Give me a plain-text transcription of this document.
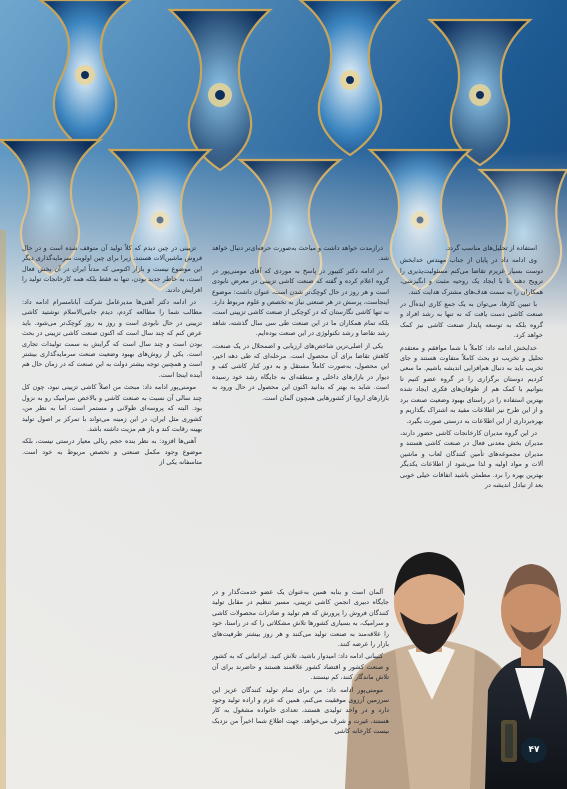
استفاده از تحلیل‌های مناسب گردد.

وی ادامه داد در پایان از جناب مهندس خدابخش دوست بسیار عزیزم تقاضا می‌کنم مسئولیت‌پذیری را ترویج دهند تا با ایجاد یک روحیه مثبت و انگیزشی، همکاران را به سمت هدف‌های مشترک هدایت کنند.

با تبیین کارها، می‌توان به یک جمع کاری ایده‌آل در صنعت کاشی دست یافت که نه تنها به رشد افراد و گروه بلکه به توسعه پایدار صنعت کاشی نیز کمک خواهد کرد.

خدابخش ادامه داد: کاملاً با شما موافقم و معتقدم تحلیل و تخریب دو بحث کاملاً متفاوت هستند و جای تخریب باید به دنبال هم‌افزایی اندیشه باشیم. ما سعی کردیم دوستان برگزاری را در گروه عضو کنیم تا بتوانیم با کمک هم از طوفان‌های فکری ایجاد شده بهترین استفاده را در راستای بهبود وضعیت صنعت برد و از این طرح نیز اطلاعات مفید به اشتراک بگذاریم و بهره‌برداری از این اطلاعات به درستی صورت بگیرد.

در این گروه مدیران کارخانجات کاشی حضور دارند، مدیران بخش معدنی فعال در صنعت کاشی هستند و مدیران مجموعه‌های تأمین کنندگان لعاب و ماشین آلات و مواد اولیه و لذا می‌شود از اطلاعات یکدیگر بهترین بهره را برد. مطمئن باشید اتفاقات خیلی خوبی بعد از تبادل اندیشه در

درازمدت خواهد داشت و مباحث به‌صورت حرفه‌ای‌تر دنبال خواهد شد.

در ادامه دکتر کثیبور در پاسخ به موردی که آقای مومنی‌پور در گروه اعلام کرده و گفته که صنعت کاشی تزیینی در معرض نابودی است و هر روز در حال کوچک‌تر شدن است، عنوان داشت: موضوع اینجاست، پرسش در هر صنعتی نیاز به تخصص و علوم مربوط دارد. نه تنها کاشی نگارستان که در کوچکی از صنعت کاشی تزیینی است، بلکه تمام همکاران ما در این صنعت طی سی سال گذشته، شاهد رشد تقاضا و رشد تکنولوژی در این صنعت بوده‌ایم.

یکی از اصلی‌ترین شاخص‌های ارزیابی و اضمحلال در یک صنعت، کاهش تقاضا برای آن محصول است. مرحله‌ای که طی دهه اخیر، این محصول، به‌صورت کاملاً مستقل و به دور کنار کاشی کف و دیوار در بازارهای داخلی و منطقه‌ای به جایگاه رشد خود رسیده است. شاید به بهتر که بدانید اکنون این محصول در حال ورود به بازارهای اروپا از کشورهایی همچون آلمان است.

آلمان است و بنابه همین به‌عنوان یک عضو خدمت‌گذار و در جایگاه دبیری انجمن کاشی تزیینی، مسیر تنظیم در مقابل تولید کنندگان فروش را پرورش که هم تولید و صادرات محصولات کاشی و سرامیک، به بسیاری کشورها تلاش مشکلاتی را که در راستا، خود را علاقه‌مند به صنعت تولید می‌کنند و هر روز بیشتر ظرفیت‌های بازار را عرضه کنند.

کثیبانی ادامه داد: امیدوار باشید، تلاش کنید. ایرانیانی که به کشور و صنعت کشور و اقتصاد کشور علاقمند هستند و حاضرند برای آن تلاش ماندگار کنند، کم نیستند.

مومنی‌پور ادامه داد: من برای تمام تولید کنندگان عزیز این سرزمین آرزوی موفقیت می‌کنم. همین که عزم و اراده تولید وجود دارد و در واحد تولیدی هستند، تعدادی خانواده مشغول به کار هستند، غیرت و شرف می‌خواهد. جهت اطلاع شما اخیراً من نزدیک بیست کارخانه کاشی

تزیینی در چین دیدم که کلاً تولید آن متوقف شده است و در حال فروش ماشین‌آلات هستند، زیرا برای چین اولویت سرمایه‌گذاری دیگر این موضوع نیست و بازار اکنومی که مدتاً ایران در آن بخش فعال است، به خاطر جدید بودن، تنها نه ‌فقط بلکه همه کارخانجات تولید را افزایش دادند.

در ادامه دکتر آهنی‌ها مدیرعامل شرکت آبانامسرام ادامه داد: مطالب شما را مطالعه کردم، دیدم جانبی‌الاسلام نوشتید کاشی تزیینی در حال نابودی است و روز به روز کوچک‌تر می‌شود. باید عرض کنم که چند سال است که اکنون صنعت کاشی تزیینی در بحث بودن است و چند سال است که گرایش به سمت تولیدات تجاری است. یکی از روش‌های بهبود وضعیت صنعت سرمایه‌گذاری بیشتر است و همچنین توجه بیشتر دولت به این صنعت که در زمان حال هم آینده اینجا است.

مومنی‌پور ادامه داد: مبحث من اصلاً کاشی تزیینی نبود، چون کل چند سالی آن نسبت به صنعت کاشی و بالاخص سرامیک رو به نزول بود. البته که پروسه‌ای طولانی و مستمر است. اما به نظر من، کشوری مثل ایران، در این زمینه می‌تواند با تمرکز بر اصول تولید بهینه رقابت کند و باز هم مزیت داشته باشد.

آهنی‌ها افزود: به نظر بنده حجم ریالی معیار درستی نیست، بلکه موضوع وجود مکمل صنعتی و تخصص مربوط به خود است. متاسفانه یکی از

۴۷
